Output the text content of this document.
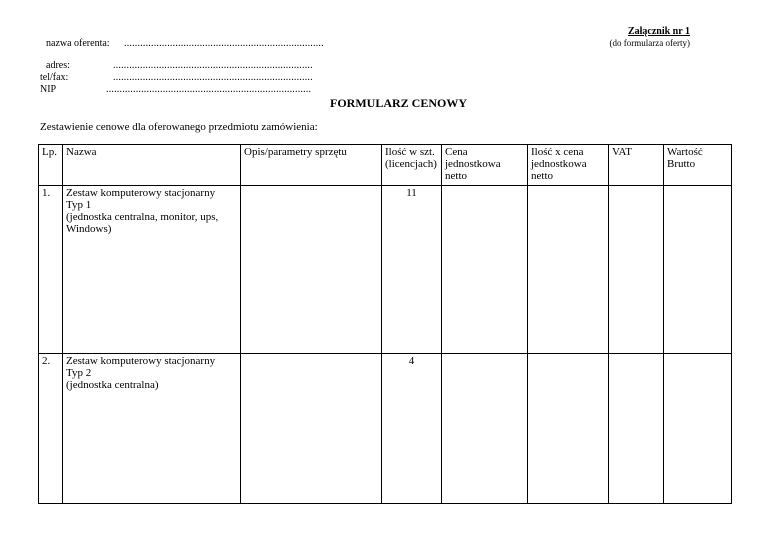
Załącznik nr 1
(do formularza oferty)
nazwa oferenta: ..........................................................................
adres:	..........................................................................
tel/fax:	..........................................................................
NIP	............................................................................
FORMULARZ CENOWY
Zestawienie cenowe dla oferowanego przedmiotu zamówienia:
Lp.	Nazwa	Opis/parametry sprzętu	Ilość w szt. (licencjach)	Cena jednostkowa netto	Ilość x cena jednostkowa netto	VAT	Wartość Brutto
1.	Zestaw komputerowy stacjonarny
Typ 1
(jednostka centralna, monitor, ups,
Windows)		11				
2.	Zestaw komputerowy stacjonarny
Typ 2
(jednostka centralna)		4				
